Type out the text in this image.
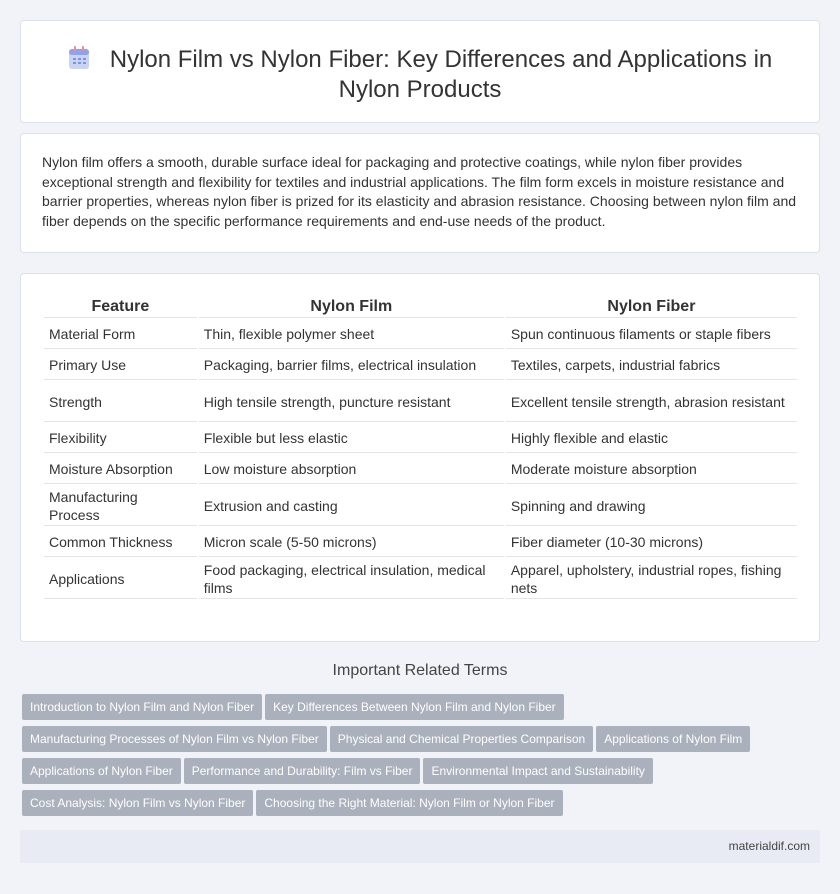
Nylon Film vs Nylon Fiber: Key Differences and Applications in
Nylon Products

Nylon film offers a smooth, durable surface ideal for packaging and protective coatings, while nylon fiber provides exceptional strength and flexibility for textiles and industrial applications. The film form excels in moisture resistance and barrier properties, whereas nylon fiber is prized for its elasticity and abrasion resistance. Choosing between nylon film and fiber depends on the specific performance requirements and end-use needs of the product.

Feature	Nylon Film	Nylon Fiber
Material Form	Thin, flexible polymer sheet	Spun continuous filaments or staple fibers
Primary Use	Packaging, barrier films, electrical insulation	Textiles, carpets, industrial fabrics
Strength	High tensile strength, puncture resistant	Excellent tensile strength, abrasion resistant
Flexibility	Flexible but less elastic	Highly flexible and elastic
Moisture Absorption	Low moisture absorption	Moderate moisture absorption
Manufacturing Process	Extrusion and casting	Spinning and drawing
Common Thickness	Micron scale (5-50 microns)	Fiber diameter (10-30 microns)
Applications	Food packaging, electrical insulation, medical films	Apparel, upholstery, industrial ropes, fishing nets
Important Related Terms
Introduction to Nylon Film and Nylon Fiber Key Differences Between Nylon Film and Nylon Fiber
Manufacturing Processes of Nylon Film vs Nylon Fiber Physical and Chemical Properties Comparison Applications of Nylon Film
Applications of Nylon Fiber Performance and Durability: Film vs Fiber Environmental Impact and Sustainability
Cost Analysis: Nylon Film vs Nylon Fiber Choosing the Right Material: Nylon Film or Nylon Fiber
materialdif.com
